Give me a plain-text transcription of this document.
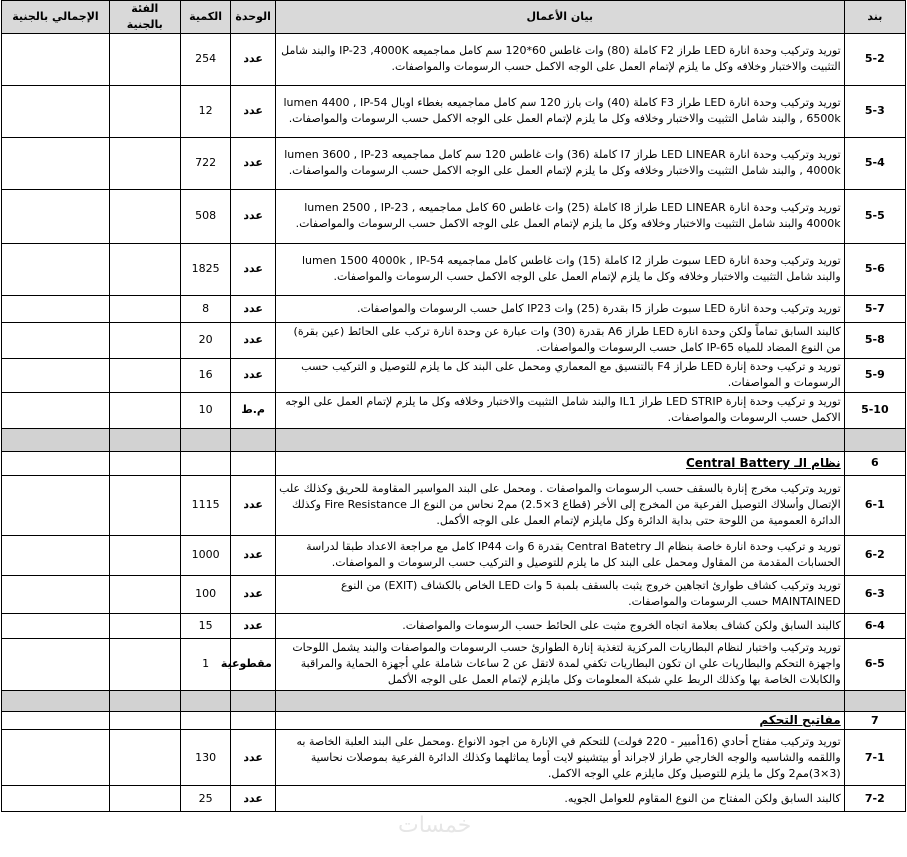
بند	بيان الأعمال	الوحدة	الكمية	الفئة بالجنية	الإجمالي بالجنية
5-2	توريد وتركيب وحدة انارة LED طراز F2 كاملة (80) وات غاطس 60*120 سم كامل مماجميعه IP-23 ,4000K والبند شامل التثبيت والاختبار وخلافه وكل ما يلزم لإتمام العمل على الوجه الاكمل حسب الرسومات والمواصفات.	عدد	254		
5-3	توريد وتركيب وحدة انارة LED طراز F3 كاملة (40) وات بارز 120 سم كامل مماجميعه بغطاء اوبال lumen 4400 , IP-54 , 6500k والبند شامل التثبيت والاختبار وخلافه وكل ما يلزم لإتمام العمل على الوجه الاكمل حسب الرسومات والمواصفات.	عدد	12		
5-4	توريد وتركيب وحدة انارة LED LINEAR طراز I7 كاملة (36) وات غاطس 120 سم كامل مماجميعه lumen 3600 , IP-23 , 4000k والبند شامل التثبيت والاختبار وخلافه وكل ما يلزم لإتمام العمل على الوجه الاكمل حسب الرسومات والمواصفات.	عدد	722		
5-5	توريد وتركيب وحدة انارة LED LINEAR طراز I8 كاملة (25) وات غاطس 60 كامل مماجميعه lumen 2500 , IP-23 , 4000k والبند شامل التثبيت والاختبار وخلافه وكل ما يلزم لإتمام العمل على الوجه الاكمل حسب الرسومات والمواصفات.	عدد	508		
5-6	توريد وتركيب وحدة انارة LED سبوت طراز I2 كاملة (15) وات غاطس كامل مماجميعه lumen 1500 4000k , IP-54 والبند شامل التثبيت والاختبار وخلافه وكل ما يلزم لإتمام العمل على الوجه الاكمل حسب الرسومات والمواصفات.	عدد	1825		
5-7	توريد وتركيب وحدة انارة LED سبوت طراز I5 بقدرة (25) وات IP23 كامل حسب الرسومات والمواصفات.	عدد	8		
5-8	كالبند السابق تماماً ولكن وحدة انارة LED طراز A6 بقدرة (30) وات عبارة عن وحدة انارة تركب على الحائط (عين بقرة) من النوع المضاد للمياه IP-65 كامل حسب الرسومات والمواصفات.	عدد	20		
5-9	توريد و تركيب وحدة إنارة LED طراز F4 بالتنسيق مع المعماري ومحمل على البند كل ما يلزم للتوصيل و التركيب حسب الرسومات و المواصفات.	عدد	16		
5-10	توريد و تركيب وحدة إنارة LED STRIP طراز IL1 والبند شامل التثبيت والاختبار وخلافه وكل ما يلزم لإتمام العمل على الوجه الاكمل حسب الرسومات والمواصفات.	م.ط	10		

6	نظام الـ Central Battery				
6-1	توريد وتركيب مخرج إنارة بالسقف حسب الرسومات والمواصفات . ومحمل على البند المواسير المقاومة للحريق وكذلك علب الإتصال وأسلاك التوصيل الفرعية من المخرج إلى الأخر (قطاع 3×2.5) مم2 نحاس من النوع الـ Fire Resistance وكذلك الدائرة العمومية من اللوحة حتى بداية الدائرة وكل مايلزم لإتمام العمل على الوجه الأكمل.	عدد	1115		
6-2	توريد و تركيب وحدة انارة خاصة بنظام الـ Central Batetry بقدرة 6 وات IP44 كامل مع مراجعة الاعداد طبقا لدراسة الحسابات المقدمة من المقاول ومحمل على البند كل ما يلزم للتوصيل و التركيب حسب الرسومات و المواصفات.	عدد	1000		
6-3	توريد وتركيب كشاف طوارئ اتجاهين خروج يثبت بالسقف بلمبة 5 وات LED الخاص بالكشاف (EXIT) من النوع MAINTAINED حسب الرسومات والمواصفات.	عدد	100		
6-4	كالبند السابق ولكن كشاف بعلامة اتجاه الخروج مثبت على الحائط حسب الرسومات والمواصفات.	عدد	15		
6-5	توريد وتركيب واختبار لنظام البطاريات المركزية لتغذية إنارة الطوارئ حسب الرسومات والمواصفات والبند يشمل اللوحات واجهزة التحكم والبطاريات علي ان تكون البطاريات تكفي لمدة لاتقل عن 2 ساعات شاملة علي أجهزة الحماية والمراقبة والكابلات الخاصة بها وكذلك الربط علي شبكة المعلومات وكل مايلزم لإتمام العمل على الوجه الأكمل	مقطوعية	1		

7	مفاتيح التحكم				
7-1	توريد وتركيب مفتاح أحادي (16أمبير - 220 فولت) للتحكم في الإنارة من اجود الانواع .ومحمل على البند العلبة الخاصة به واللقمه والشاسيه والوجه الخارجي طراز لاجراند أو بيتشينو لايت أوما يماثلهما وكذلك الدائرة الفرعية بموصلات نحاسية (3×3)مم2 وكل ما يلزم للتوصيل وكل مايلزم علي الوجه الاكمل.	عدد	130		
7-2	كالبند السابق ولكن المفتاح من النوع المقاوم للعوامل الجويه.	عدد	25		
خمسات
